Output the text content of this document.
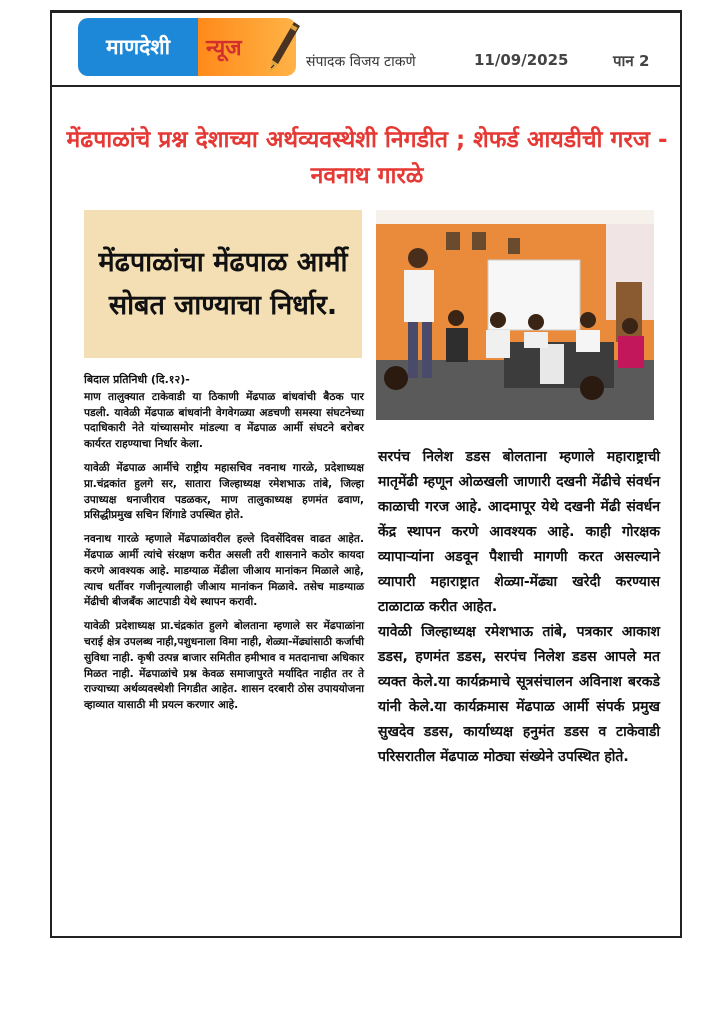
माणदेशी न्यूज
संपादक विजय टाकणे	11/09/2025	पान 2
मेंढपाळांचे प्रश्न देशाच्या अर्थव्यवस्थेशी निगडीत ; शेफर्ड आयडीची गरज - नवनाथ गारळे
मेंढपाळांचा मेंढपाळ आर्मी सोबत जाण्याचा निर्धार.
बिदाल प्रतिनिधी (दि.१२)-

माण तालुक्यात टाकेवाडी या ठिकाणी मेंढपाळ बांधवांची बैठक पार पडली. यावेळी मेंढपाळ बांधवांनी वेगवेगळ्या अडचणी समस्या संघटनेच्या पदाधिकारी नेते यांच्यासमोर मांडल्या व मेंढपाळ आर्मी संघटने बरोबर कार्यरत राहण्याचा निर्धार केला.

यावेळी मेंढपाळ आर्मीचे राष्ट्रीय महासचिव नवनाथ गारळे, प्रदेशाध्यक्ष प्रा.चंद्रकांत हुलगे सर, सातारा जिल्हाध्यक्ष रमेशभाऊ तांबे, जिल्हा उपाध्यक्ष धनाजीराव पडळकर, माण तालुकाध्यक्ष हणमंत ढवाण, प्रसिद्धीप्रमुख सचिन शिंगाडे उपस्थित होते.

नवनाथ गारळे म्हणाले मेंढपाळांवरील हल्ले दिवसेंदिवस वाढत आहेत. मेंढपाळ आर्मी त्यांचे संरक्षण करीत असली तरी शासनाने कठोर कायदा करणे आवश्यक आहे. माडग्याळ मेंढीला जीआय मानांकन मिळाले आहे, त्याच धर्तीवर गजीनृत्यालाही जीआय मानांकन मिळावे. तसेच माडग्याळ मेंढीची बीजबँक आटपाडी येथे स्थापन करावी.

यावेळी प्रदेशाध्यक्ष प्रा.चंद्रकांत हुलगे बोलताना म्हणाले सर मेंढपाळांना चराई क्षेत्र उपलब्ध नाही,पशुधनाला विमा नाही, शेळ्या-मेंढ्यांसाठी कर्जाची सुविधा नाही. कृषी उत्पन्न बाजार समितीत हमीभाव व मतदानाचा अधिकार मिळत नाही. मेंढपाळांचे प्रश्न केवळ समाजापुरते मर्यादित नाहीत तर ते राज्याच्या अर्थव्यवस्थेशी निगडीत आहेत. शासन दरबारी ठोस उपाययोजना व्हाव्यात यासाठी मी प्रयत्न करणार आहे.

सरपंच निलेश डडस बोलताना म्हणाले महाराष्ट्राची मातृमेंढी म्हणून ओळखली जाणारी दखनी मेंढीचे संवर्धन काळाची गरज आहे. आदमापूर येथे दखनी मेंढी संवर्धन केंद्र स्थापन करणे आवश्यक आहे. काही गोरक्षक व्यापाऱ्यांना अडवून पैशाची मागणी करत असल्याने व्यापारी महाराष्ट्रात शेळ्या-मेंढ्या खरेदी करण्यास टाळाटाळ करीत आहेत.

यावेळी जिल्हाध्यक्ष रमेशभाऊ तांबे, पत्रकार आकाश डडस, हणमंत डडस, सरपंच निलेश डडस आपले मत व्यक्त केले.या कार्यक्रमाचे सूत्रसंचालन अविनाश बरकडे यांनी केले.या कार्यक्रमास मेंढपाळ आर्मी संपर्क प्रमुख सुखदेव डडस, कार्याध्यक्ष हनुमंत डडस व टाकेवाडी परिसरातील मेंढपाळ मोठ्या संख्येने उपस्थित होते.
